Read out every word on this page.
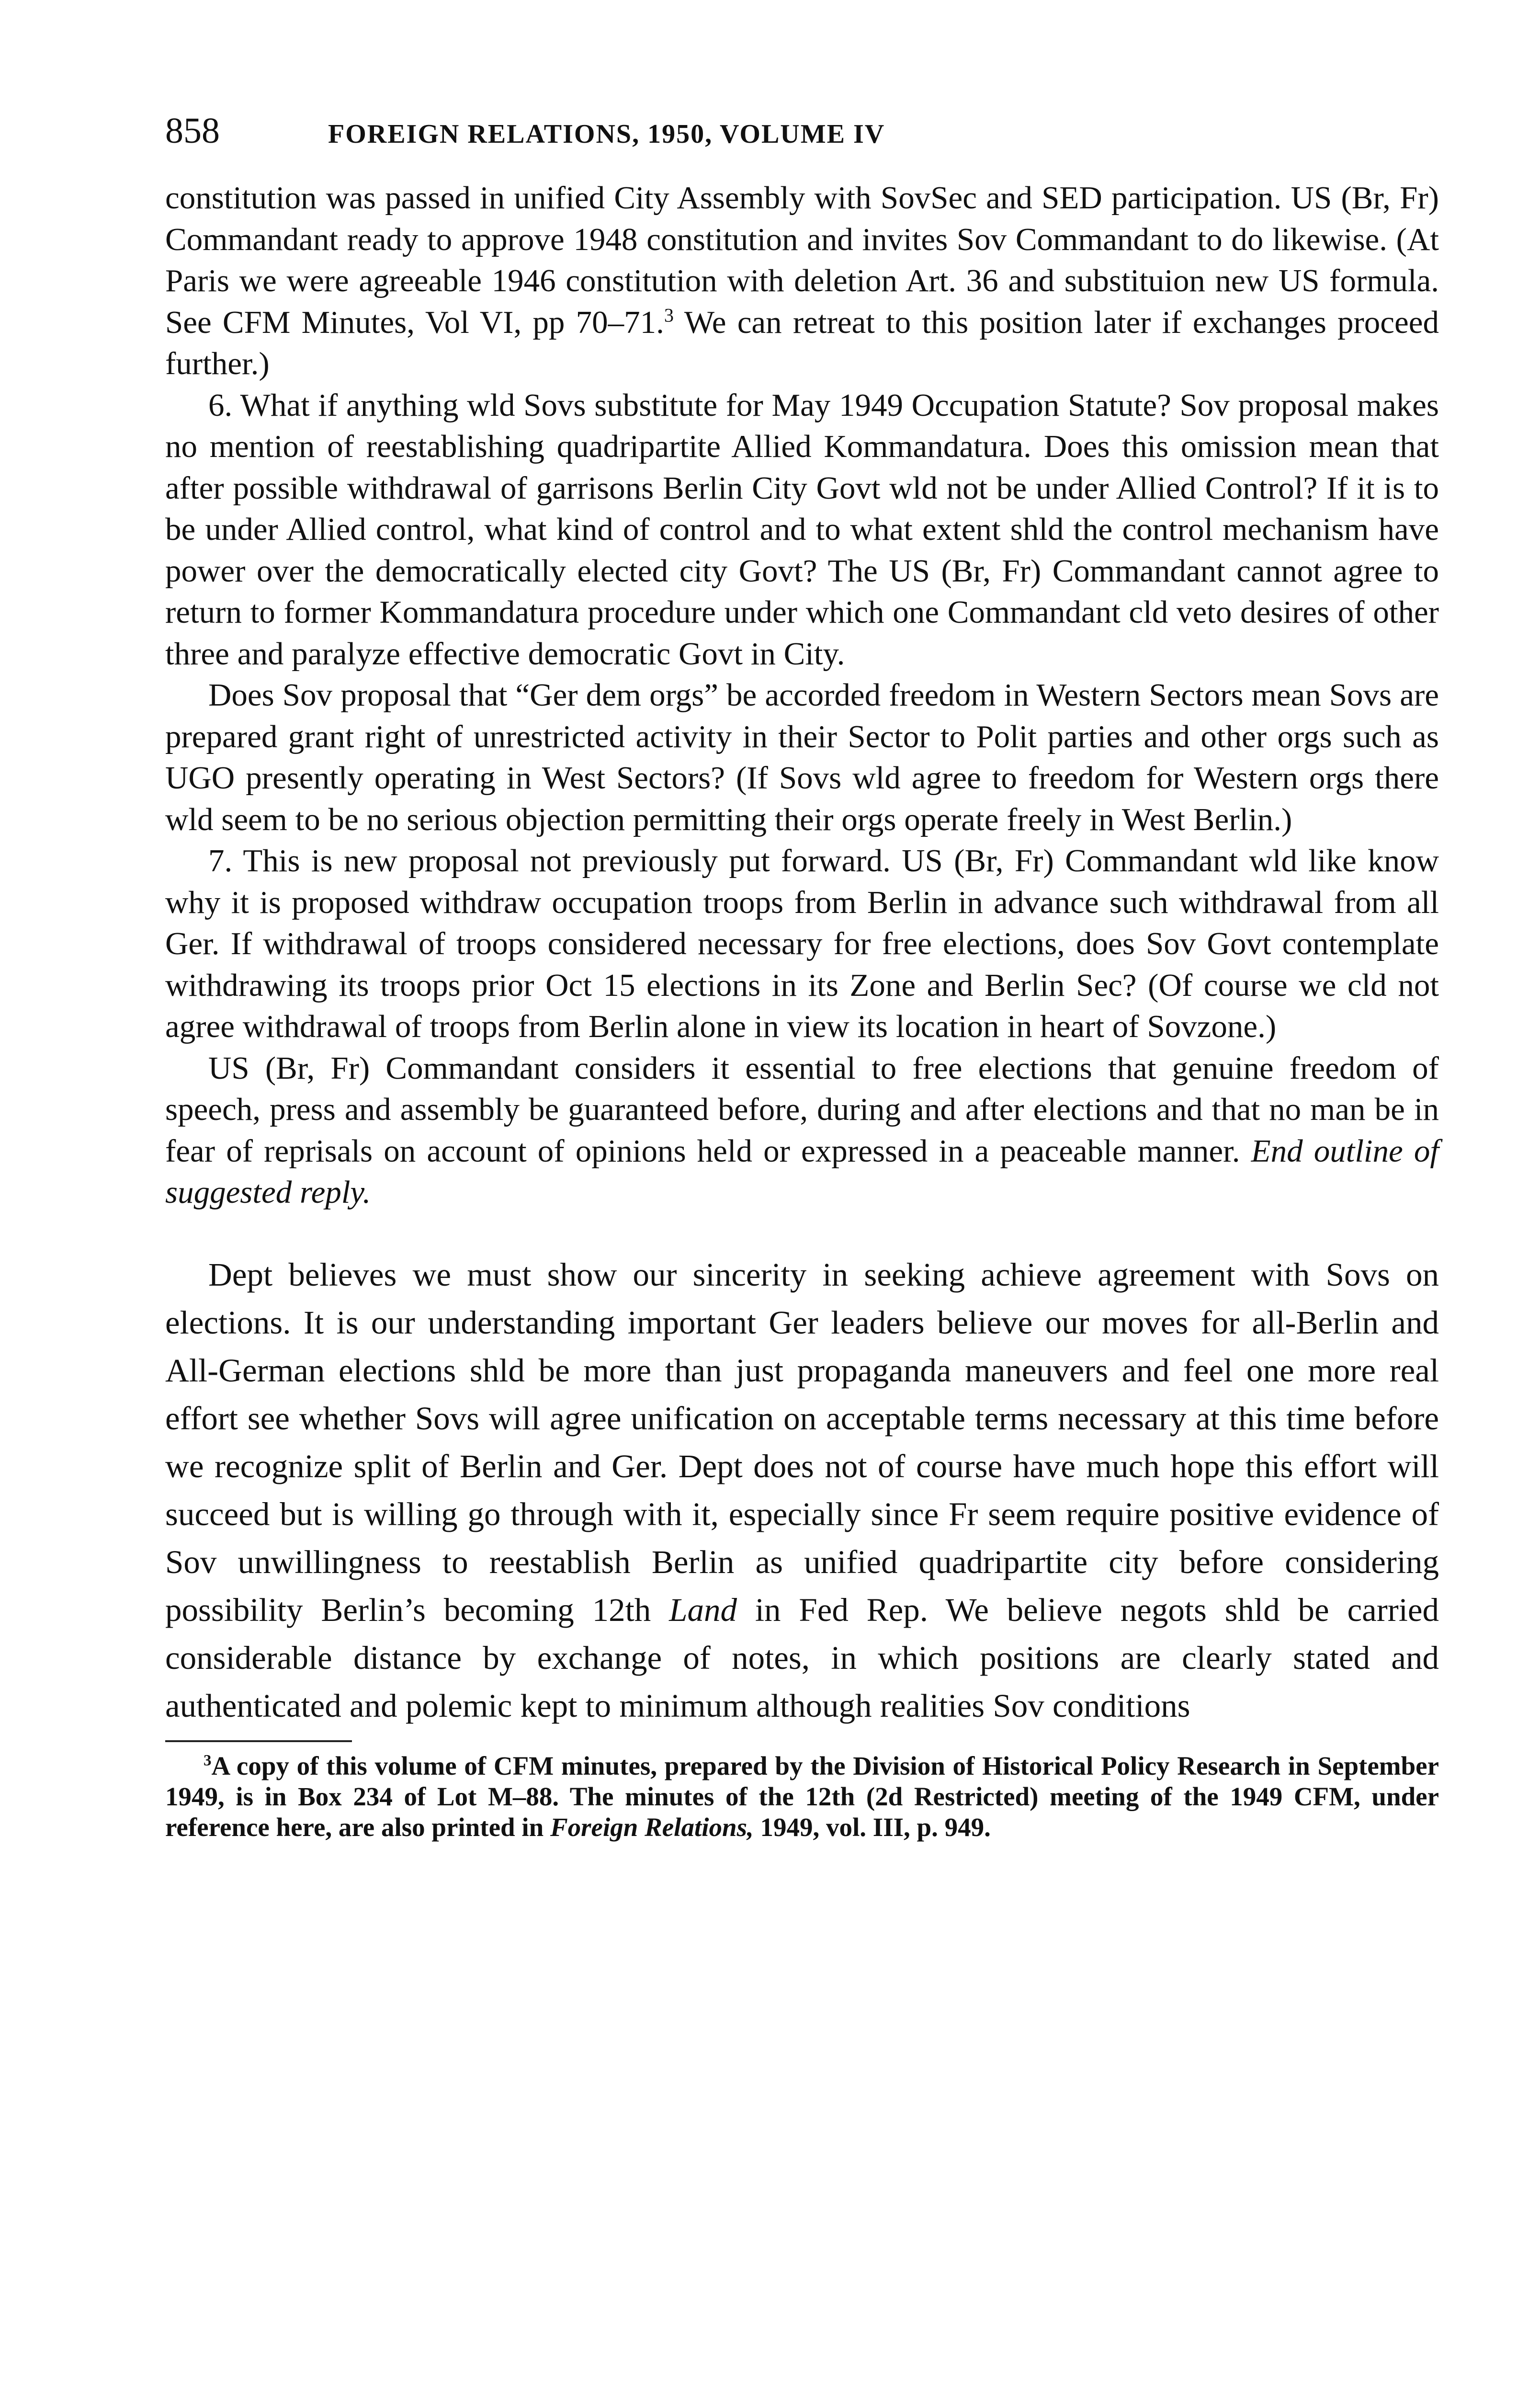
858	FOREIGN RELATIONS, 1950, VOLUME IV

constitution was passed in unified City Assembly with SovSec and SED participation. US (Br, Fr) Commandant ready to approve 1948 constitution and invites Sov Commandant to do likewise. (At Paris we were agreeable 1946 constitution with deletion Art. 36 and substituion new US formula. See CFM Minutes, Vol VI, pp 70–71.$^3$ We can retreat to this position later if exchanges proceed further.)

6. What if anything wld Sovs substitute for May 1949 Occupation Statute? Sov proposal makes no mention of reestablishing quadripartite Allied Kommandatura. Does this omission mean that after possible withdrawal of garrisons Berlin City Govt wld not be under Allied Control? If it is to be under Allied control, what kind of control and to what extent shld the control mechanism have power over the democratically elected city Govt? The US (Br, Fr) Commandant cannot agree to return to former Kommandatura procedure under which one Commandant cld veto desires of other three and paralyze effective democratic Govt in City.

Does Sov proposal that “Ger dem orgs” be accorded freedom in Western Sectors mean Sovs are prepared grant right of unrestricted activity in their Sector to Polit parties and other orgs such as UGO presently operating in West Sectors? (If Sovs wld agree to freedom for Western orgs there wld seem to be no serious objection permitting their orgs operate freely in West Berlin.)

7. This is new proposal not previously put forward. US (Br, Fr) Commandant wld like know why it is proposed withdraw occupation troops from Berlin in advance such withdrawal from all Ger. If withdrawal of troops considered necessary for free elections, does Sov Govt contemplate withdrawing its troops prior Oct 15 elections in its Zone and Berlin Sec? (Of course we cld not agree withdrawal of troops from Berlin alone in view its location in heart of Sovzone.)

US (Br, Fr) Commandant considers it essential to free elections that genuine freedom of speech, press and assembly be guaranteed before, during and after elections and that no man be in fear of reprisals on account of opinions held or expressed in a peaceable manner. End outline of suggested reply.

Dept believes we must show our sincerity in seeking achieve agreement with Sovs on elections. It is our understanding important Ger leaders believe our moves for all-Berlin and All-German elections shld be more than just propaganda maneuvers and feel one more real effort see whether Sovs will agree unification on acceptable terms necessary at this time before we recognize split of Berlin and Ger. Dept does not of course have much hope this effort will succeed but is willing go through with it, especially since Fr seem require positive evidence of Sov unwillingness to reestablish Berlin as unified quadripartite city before considering possibility Berlin’s becoming 12th Land in Fed Rep. We believe negots shld be carried considerable distance by exchange of notes, in which positions are clearly stated and authenticated and polemic kept to minimum although realities Sov conditions

$^3$A copy of this volume of CFM minutes, prepared by the Division of Historical Policy Research in September 1949, is in Box 234 of Lot M–88. The minutes of the 12th (2d Restricted) meeting of the 1949 CFM, under reference here, are also printed in Foreign Relations, 1949, vol. III, p. 949.
